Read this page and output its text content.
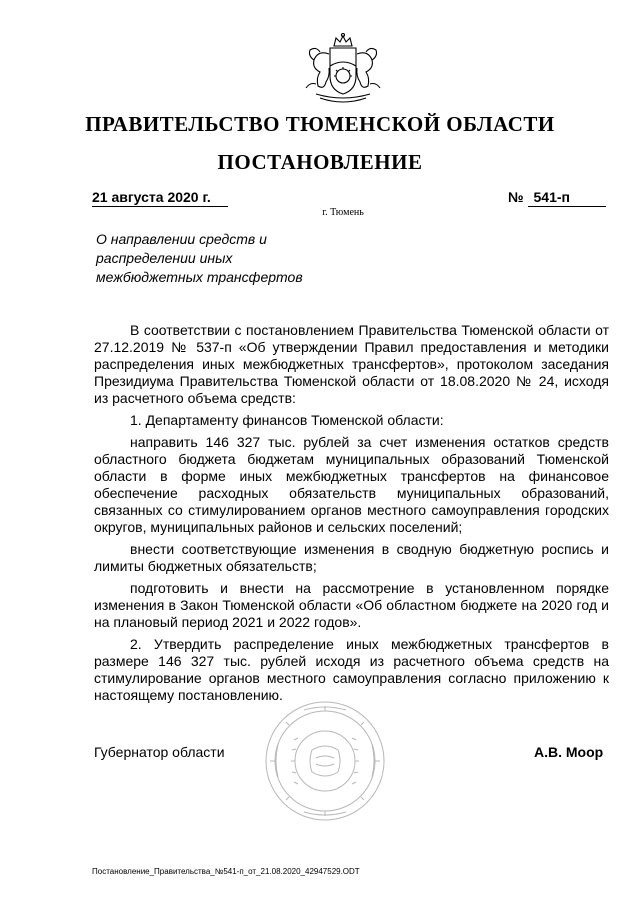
ПРАВИТЕЛЬСТВО ТЮМЕНСКОЙ ОБЛАСТИ
ПОСТАНОВЛЕНИЕ
21 августа 2020 г.	№ 541-п
г. Тюмень
О направлении средств и
распределении иных
межбюджетных трансфертов

В соответствии с постановлением Правительства Тюменской области от 27.12.2019 № 537-п «Об утверждении Правил предоставления и методики распределения иных межбюджетных трансфертов», протоколом заседания Президиума Правительства Тюменской области от 18.08.2020 № 24, исходя из расчетного объема средств:

1. Департаменту финансов Тюменской области:

направить 146 327 тыс. рублей за счет изменения остатков средств областного бюджета бюджетам муниципальных образований Тюменской области в форме иных межбюджетных трансфертов на финансовое обеспечение расходных обязательств муниципальных образований, связанных со стимулированием органов местного самоуправления городских округов, муниципальных районов и сельских поселений;

внести соответствующие изменения в сводную бюджетную роспись и лимиты бюджетных обязательств;

подготовить и внести на рассмотрение в установленном порядке изменения в Закон Тюменской области «Об областном бюджете на 2020 год и на плановый период 2021 и 2022 годов».

2. Утвердить распределение иных межбюджетных трансфертов в размере 146 327 тыс. рублей исходя из расчетного объема средств на стимулирование органов местного самоуправления согласно приложению к настоящему постановлению.

Губернатор области	А.В. Моор
Постановление_Правительства_№541-п_от_21.08.2020_42947529.ODT
